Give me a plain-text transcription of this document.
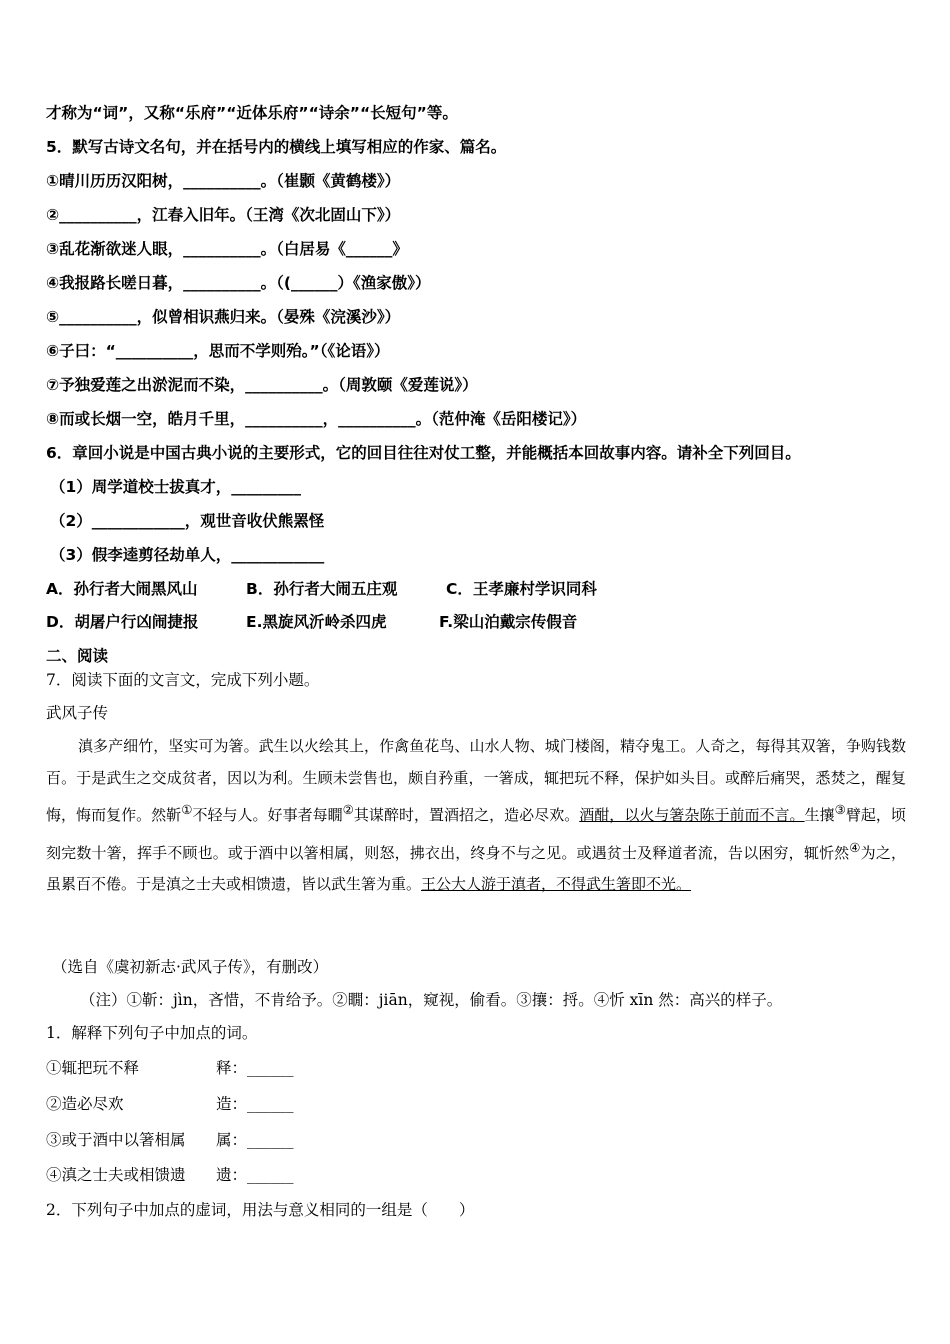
才称为“词”，又称“乐府”“近体乐府”“诗余”“长短句”等。
5．默写古诗文名句，并在括号内的横线上填写相应的作家、篇名。
①晴川历历汉阳树，__________。（崔颢《黄鹤楼》）
②__________，江春入旧年。（王湾《次北固山下》）
③乱花渐欲迷人眼，__________。（白居易《______》
④我报路长嗟日暮，__________。（(______）《渔家傲》）
⑤__________，似曾相识燕归来。（晏殊《浣溪沙》）
⑥子曰：“__________，思而不学则殆。”（《论语》）
⑦予独爱莲之出淤泥而不染，__________。（周敦颐《爱莲说》）
⑧而或长烟一空，皓月千里，__________，__________。（范仲淹《岳阳楼记》）
6．章回小说是中国古典小说的主要形式，它的回目往往对仗工整，并能概括本回故事内容。请补全下列回目。
（1）周学道校士拔真才，_________
（2）____________，观世音收伏熊罴怪
（3）假李逵剪径劫单人，____________
A．孙行者大闹黑风山	B．孙行者大闹五庄观	C．王孝廉村学识同科
D．胡屠户行凶闹捷报	E.黑旋风沂岭杀四虎	F.梁山泊戴宗传假音
二、阅读
7．阅读下面的文言文，完成下列小题。
武风子传
滇多产细竹，坚实可为箸。武生以火绘其上，作禽鱼花鸟、山水人物、城门楼阁，精夺鬼工。人奇之，每得其双箸，争购钱数百。于是武生之交成贫者，因以为利。生顾未尝售也，颇自矜重，一箸成，辄把玩不释，保护如头目。或醉后痛哭，悉焚之，醒复悔，悔而复作。然靳①不轻与人。好事者每瞯②其谋醉时，置酒招之，造必尽欢。酒酣，以火与箸杂陈于前而不言。生攘③臂起，顷刻完数十箸，挥手不顾也。或于酒中以箸相属，则怒，拂衣出，终身不与之见。或遇贫士及释道者流，告以困穷，辄忻然④为之，虽累百不倦。于是滇之士夫或相馈遗，皆以武生箸为重。王公大人游于滇者，不得武生箸即不光。
（选自《虞初新志·武风子传》，有删改）
（注）①靳：jìn，吝惜，不肯给予。②瞯：jiān，窥视，偷看。③攘：捋。④忻 xīn 然：高兴的样子。
1．解释下列句子中加点的词。
①辄把玩不释	释：______
②造必尽欢	造：______
③或于酒中以箸相属 属：______
④滇之士夫或相馈遗 遗：______
2．下列句子中加点的虚词，用法与意义相同的一组是（　　）
